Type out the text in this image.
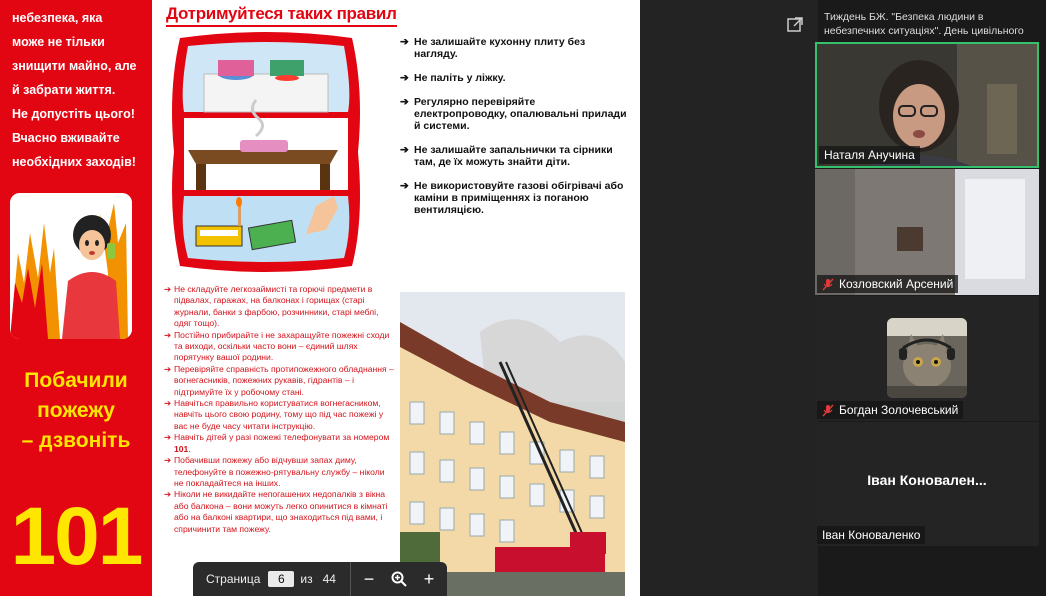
небезпека, яка
може не тільки
знищити майно, але
й забрати життя.
Не допустіть цього!
Вчасно вживайте
необхідних заходів!
Побачили
пожежу
– дзвоніть
101
Дотримуйтеся таких правил
➔ Не залишайте кухонну плиту без нагляду.
➔ Не паліть у ліжку.
➔ Регулярно перевіряйте електропроводку, опалювальні прилади й системи.
➔ Не залишайте запальнички та сірники там, де їх можуть знайти діти.
➔ Не використовуйте газові обігрівачі або каміни в приміщеннях із поганою вентиляцією.
➔ Не складуйте легкозаймисті та горючі предмети в підвалах, гаражах, на балконах і горищах (старі журнали, банки з фарбою, розчинники, старі меблі, одяг тощо).
➔ Постійно прибирайте і не захаращуйте пожежні сходи та виходи, оскільки часто вони – єдиний шлях порятунку вашої родини.
➔ Перевіряйте справність протипожежного обладнання – вогнегасників, пожежних рукавів, гідрантів – і підтримуйте їх у робочому стані.
➔ Навчіться правильно користуватися вогнегасником, навчіть цього свою родину, тому що під час пожежі у вас не буде часу читати інструкцію.
➔ Навчіть дітей у разі пожежі телефонувати за номером 101.
➔ Побачивши пожежу або відчувши запах диму, телефонуйте в пожежно-рятувальну службу – ніколи не покладайтеся на інших.
➔ Ніколи не викидайте непогашених недопалків з вікна або балкона – вони можуть легко опинитися в кімнаті або на балконі квартири, що знаходиться під вами, і спричинити там пожежу.
Страница	6	из 44	−	+
Тиждень БЖ. "Безпека людини в небезпечних ситуаціях". День цивільного
Наталя Анучина
Козловский Арсений
Богдан Золочевський
Іван Коновален...
Іван Коноваленко
